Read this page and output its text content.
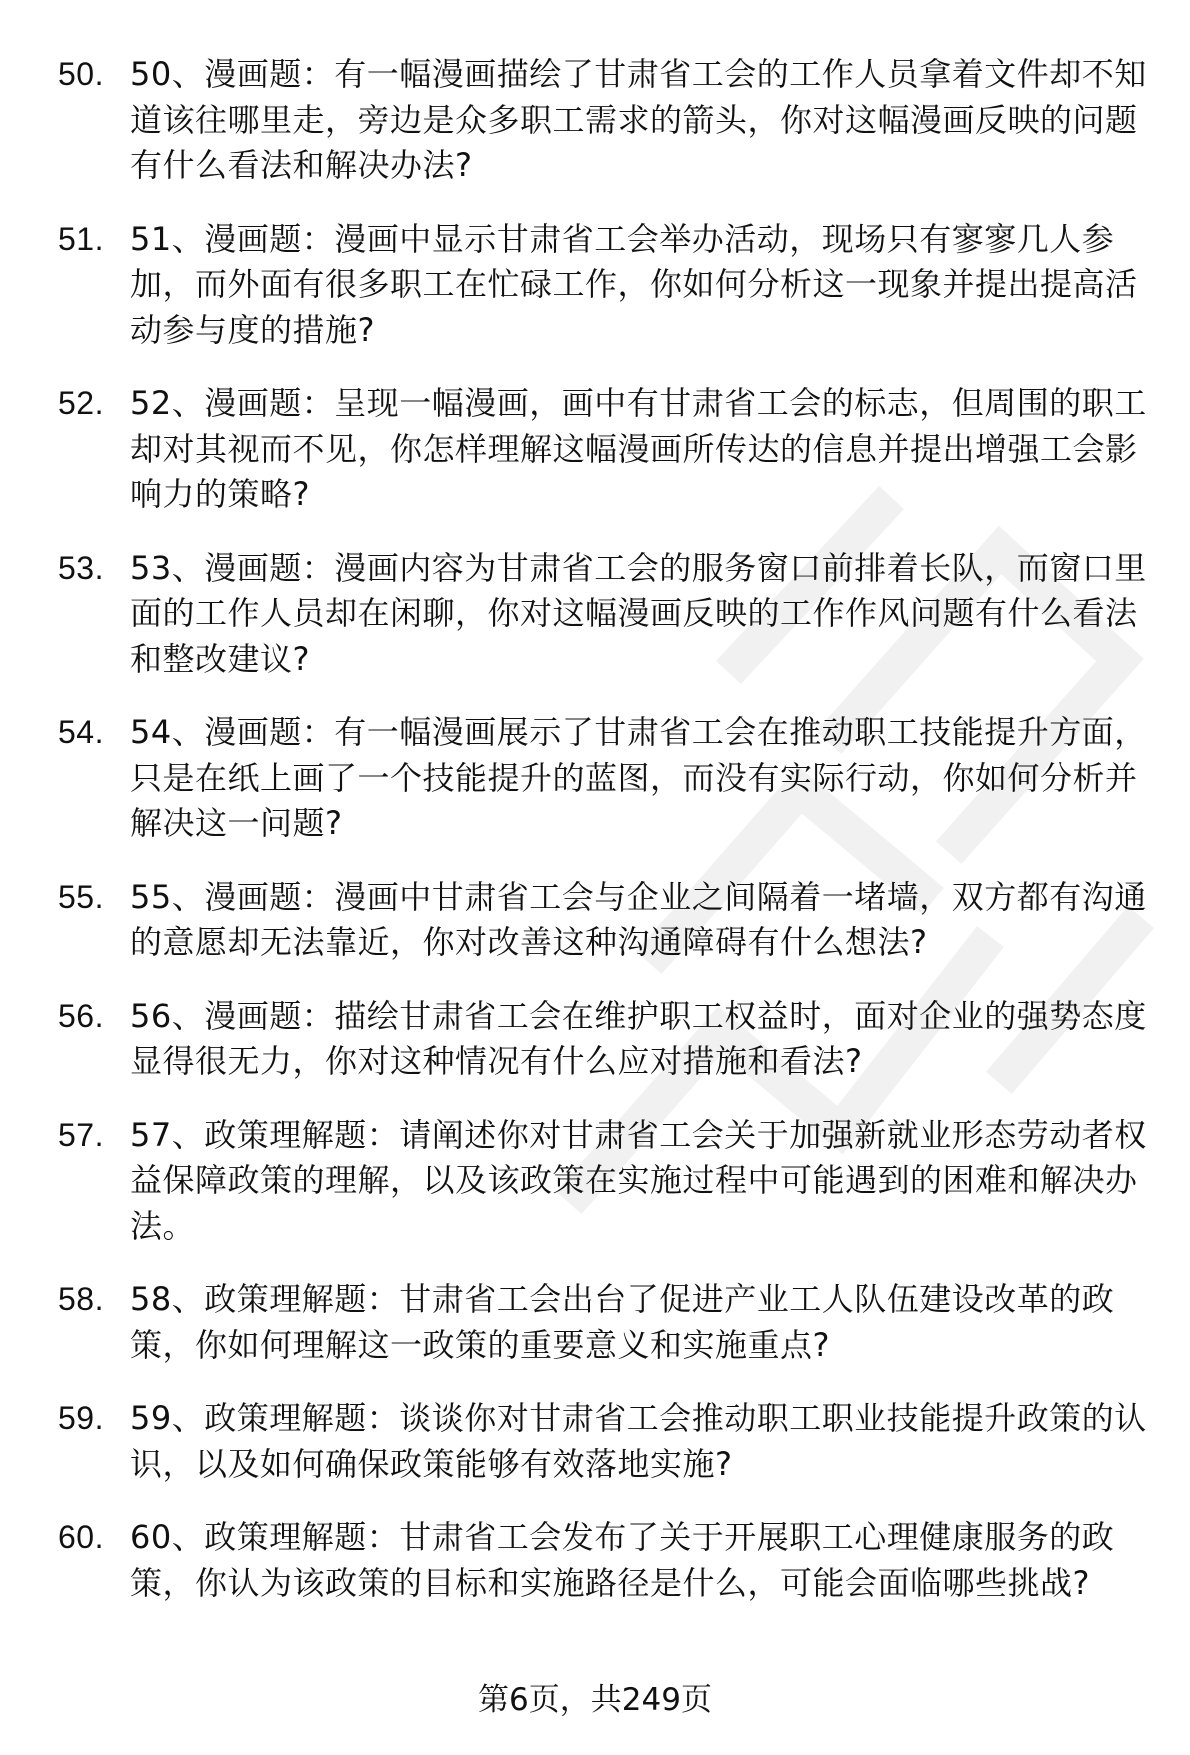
50. 50、漫画题：有一幅漫画描绘了甘肃省工会的工作人员拿着文件却不知道该往哪里走，旁边是众多职工需求的箭头，你对这幅漫画反映的问题有什么看法和解决办法?
51. 51、漫画题：漫画中显示甘肃省工会举办活动，现场只有寥寥几人参加，而外面有很多职工在忙碌工作，你如何分析这一现象并提出提高活动参与度的措施?
52. 52、漫画题：呈现一幅漫画，画中有甘肃省工会的标志，但周围的职工却对其视而不见，你怎样理解这幅漫画所传达的信息并提出增强工会影响力的策略?
53. 53、漫画题：漫画内容为甘肃省工会的服务窗口前排着长队，而窗口里面的工作人员却在闲聊，你对这幅漫画反映的工作作风问题有什么看法和整改建议?
54. 54、漫画题：有一幅漫画展示了甘肃省工会在推动职工技能提升方面，只是在纸上画了一个技能提升的蓝图，而没有实际行动，你如何分析并解决这一问题?
55. 55、漫画题：漫画中甘肃省工会与企业之间隔着一堵墙，双方都有沟通的意愿却无法靠近，你对改善这种沟通障碍有什么想法?
56. 56、漫画题：描绘甘肃省工会在维护职工权益时，面对企业的强势态度显得很无力，你对这种情况有什么应对措施和看法?
57. 57、政策理解题：请阐述你对甘肃省工会关于加强新就业形态劳动者权益保障政策的理解，以及该政策在实施过程中可能遇到的困难和解决办法。
58. 58、政策理解题：甘肃省工会出台了促进产业工人队伍建设改革的政策，你如何理解这一政策的重要意义和实施重点?
59. 59、政策理解题：谈谈你对甘肃省工会推动职工职业技能提升政策的认识，以及如何确保政策能够有效落地实施?
60. 60、政策理解题：甘肃省工会发布了关于开展职工心理健康服务的政策，你认为该政策的目标和实施路径是什么，可能会面临哪些挑战?
第6页，共249页
